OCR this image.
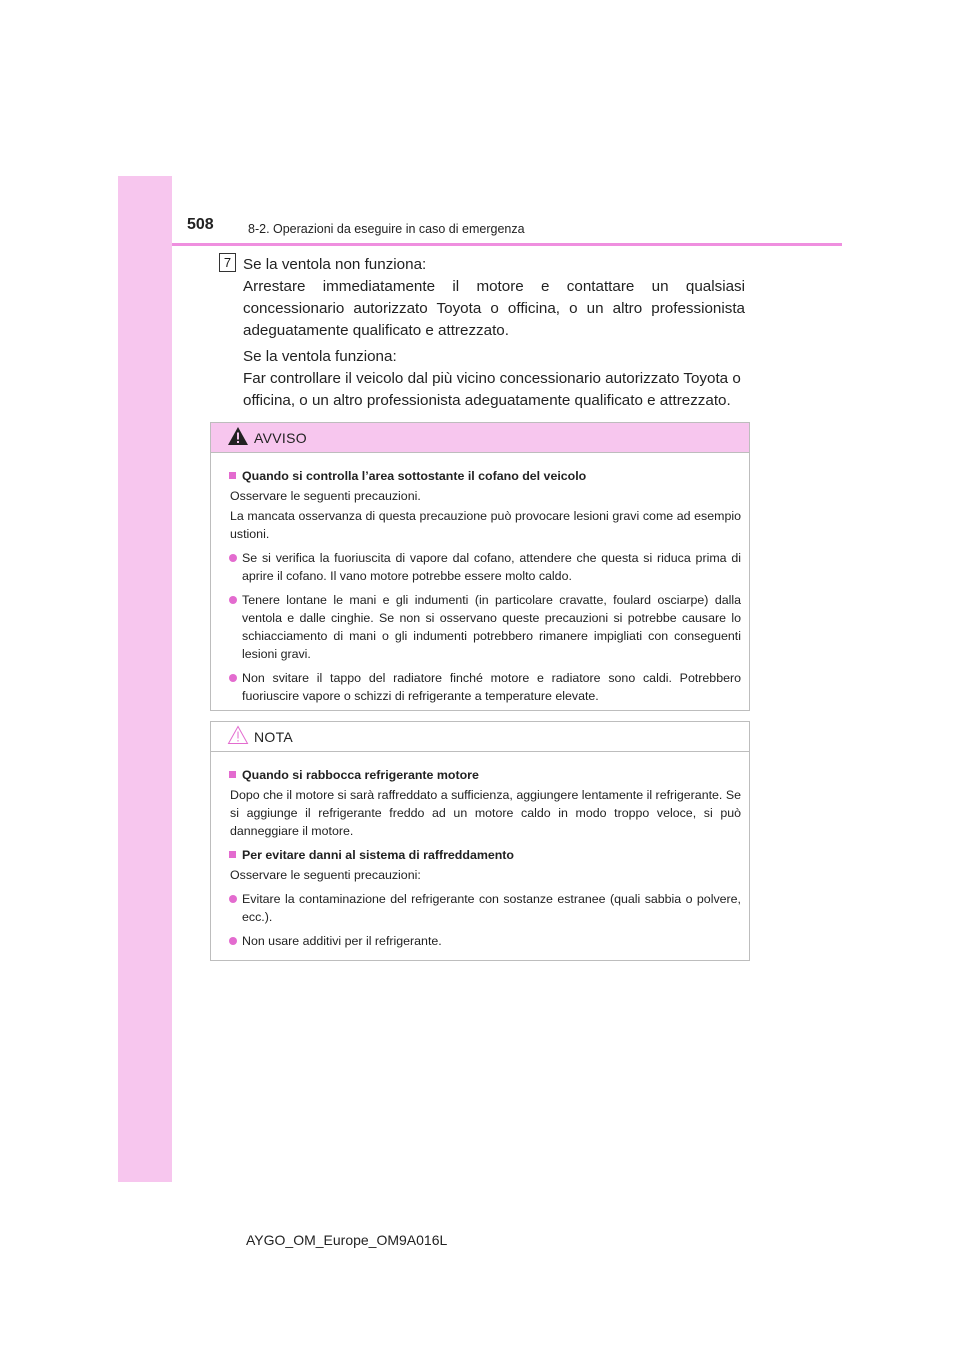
508	8-2. Operazioni da eseguire in caso di emergenza
7 Se la ventola non funziona:

Arrestare immediatamente il motore e contattare un qualsiasi concessionario autorizzato Toyota o officina, o un altro professionista adeguatamente qualificato e attrezzato.

Se la ventola funziona:

Far controllare il veicolo dal più vicino concessionario autorizzato Toyota o officina, o un altro professionista adeguatamente qualificato e attrezzato.

AVVISO
Quando si controlla l’area sottostante il cofano del veicolo
Osservare le seguenti precauzioni.
La mancata osservanza di questa precauzione può provocare lesioni gravi come ad esempio ustioni.
Se si verifica la fuoriuscita di vapore dal cofano, attendere che questa si riduca prima di aprire il cofano. Il vano motore potrebbe essere molto caldo.
Tenere lontane le mani e gli indumenti (in particolare cravatte, foulard osciarpe) dalla ventola e dalle cinghie. Se non si osservano queste precauzioni si potrebbe causare lo schiacciamento di mani o gli indumenti potrebbero rimanere impigliati con conseguenti lesioni gravi.
Non svitare il tappo del radiatore finché motore e radiatore sono caldi. Potrebbero fuoriuscire vapore o schizzi di refrigerante a temperature elevate.
NOTA
Quando si rabbocca refrigerante motore
Dopo che il motore si sarà raffreddato a sufficienza, aggiungere lentamente il refrigerante. Se si aggiunge il refrigerante freddo ad un motore caldo in modo troppo veloce, si può danneggiare il motore.
Per evitare danni al sistema di raffreddamento
Osservare le seguenti precauzioni:
Evitare la contaminazione del refrigerante con sostanze estranee (quali sabbia o polvere, ecc.).
Non usare additivi per il refrigerante.
AYGO_OM_Europe_OM9A016L
